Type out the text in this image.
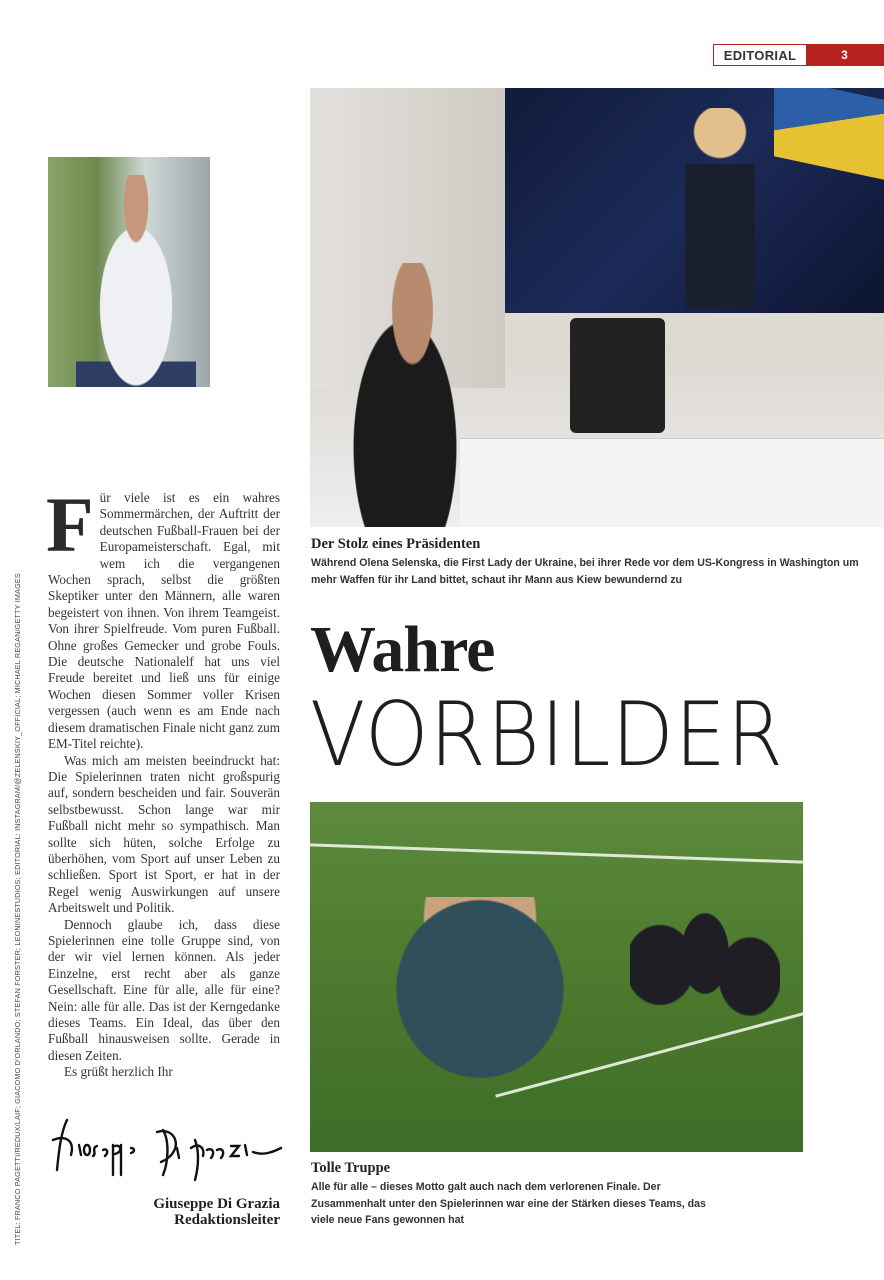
EDITORIAL	3
TITEL: FRANCO PAGETTI/REDUX/LAIF; GIACOMO D'ORLANDO; STEFAN FORSTER; LEONINESTUDIOS; EDITORIAL: INSTAGRAM/@ZELENSKIY_OFFICIAL; MICHAEL REGAN/GETTY IMAGES

Für viele ist es ein wahres Sommermärchen, der Auftritt der deutschen Fußball-Frauen bei der Europameisterschaft. Egal, mit wem ich die vergangenen Wochen sprach, selbst die größten Skeptiker unter den Männern, alle waren begeistert von ihnen. Von ihrem Teamgeist. Von ihrer Spielfreude. Vom puren Fußball. Ohne großes Gemecker und grobe Fouls. Die deutsche Nationalelf hat uns viel Freude bereitet und ließ uns für einige Wochen diesen Sommer voller Krisen vergessen (auch wenn es am Ende nach diesem dramatischen Finale nicht ganz zum EM-Titel reichte).

Was mich am meisten beeindruckt hat: Die Spielerinnen traten nicht großspurig auf, sondern bescheiden und fair. Souverän selbstbewusst. Schon lange war mir Fußball nicht mehr so sympathisch. Man sollte sich hüten, solche Erfolge zu überhöhen, vom Sport auf unser Leben zu schließen. Sport ist Sport, er hat in der Regel wenig Auswirkungen auf unsere Arbeitswelt und Politik.

Dennoch glaube ich, dass diese Spielerinnen eine tolle Gruppe sind, von der wir viel lernen können. Als jeder Einzelne, erst recht aber als ganze Gesellschaft. Eine für alle, alle für eine? Nein: alle für alle. Das ist der Kerngedanke dieses Teams. Ein Ideal, das über den Fußball hinausweisen sollte. Gerade in diesen Zeiten.

Es grüßt herzlich Ihr

Giuseppe Di Grazia
Redaktionsleiter
Der Stolz eines Präsidenten

Während Olena Selenska, die First Lady der Ukraine, bei ihrer Rede vor dem US-Kongress in Washington um mehr Waffen für ihr Land bittet, schaut ihr Mann aus Kiew bewundernd zu

Wahre
VORBILDER
Tolle Truppe

Alle für alle – dieses Motto galt auch nach dem verlorenen Finale. Der Zusammenhalt unter den Spielerinnen war eine der Stärken dieses Teams, das viele neue Fans gewonnen hat
